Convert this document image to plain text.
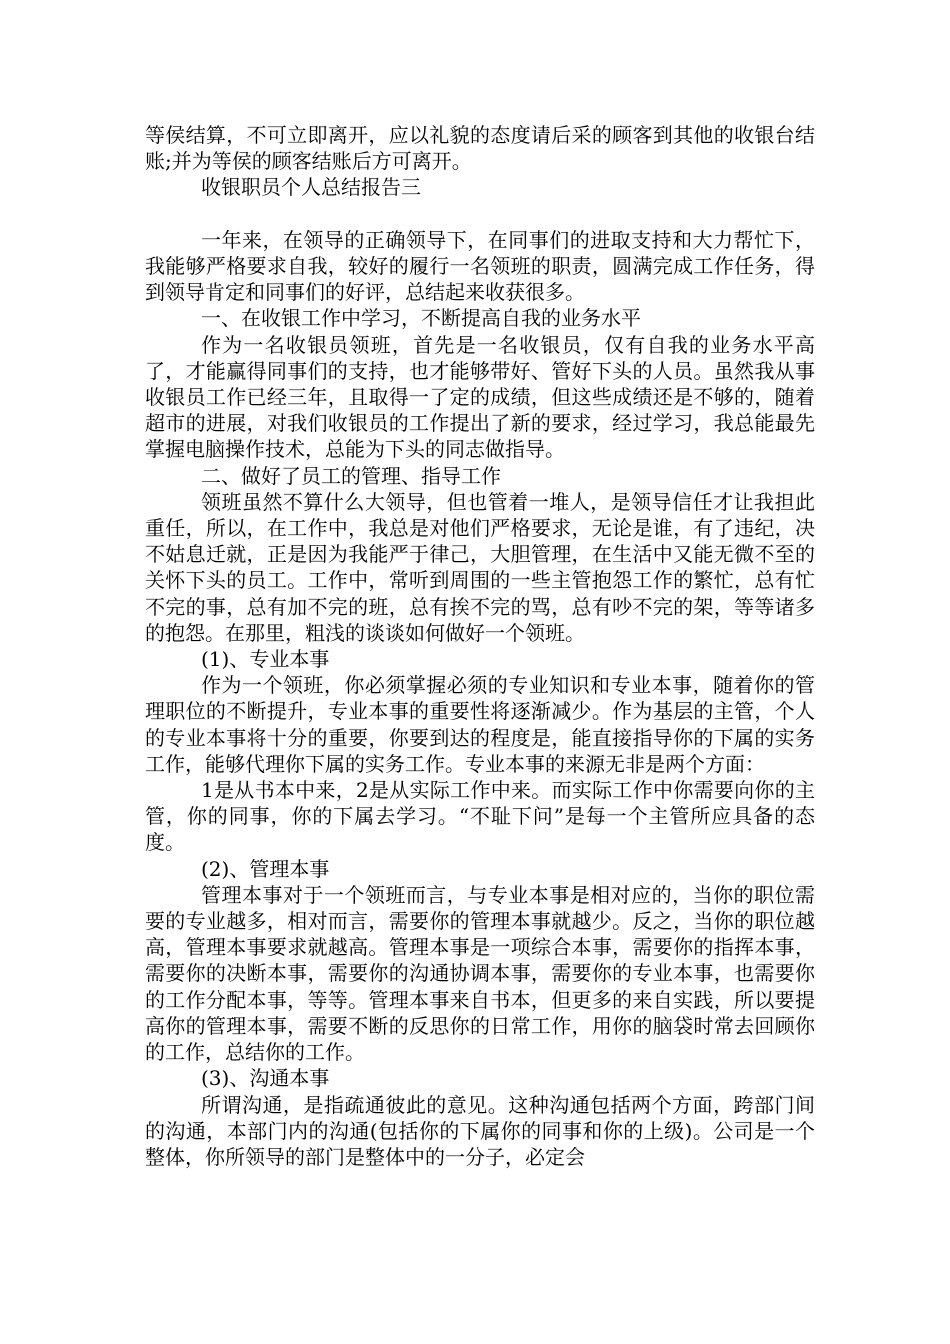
等侯结算，不可立即离开，应以礼貌的态度请后采的顾客到其他的收银台结账;并为等侯的顾客结账后方可离开。

收银职员个人总结报告三

一年来，在领导的正确领导下，在同事们的进取支持和大力帮忙下，我能够严格要求自我，较好的履行一名领班的职责，圆满完成工作任务，得到领导肯定和同事们的好评，总结起来收获很多。

一、在收银工作中学习，不断提高自我的业务水平

作为一名收银员领班，首先是一名收银员，仅有自我的业务水平高了，才能赢得同事们的支持，也才能够带好、管好下头的人员。虽然我从事收银员工作已经三年，且取得一了定的成绩，但这些成绩还是不够的，随着超市的进展，对我们收银员的工作提出了新的要求，经过学习，我总能最先掌握电脑操作技术，总能为下头的同志做指导。

二、做好了员工的管理、指导工作

领班虽然不算什么大领导，但也管着一堆人，是领导信任才让我担此重任，所以，在工作中，我总是对他们严格要求，无论是谁，有了违纪，决不姑息迁就，正是因为我能严于律己，大胆管理，在生活中又能无微不至的关怀下头的员工。工作中，常听到周围的一些主管抱怨工作的繁忙，总有忙不完的事，总有加不完的班，总有挨不完的骂，总有吵不完的架，等等诸多的抱怨。在那里，粗浅的谈谈如何做好一个领班。

(1)、专业本事

作为一个领班，你必须掌握必须的专业知识和专业本事，随着你的管理职位的不断提升，专业本事的重要性将逐渐减少。作为基层的主管，个人的专业本事将十分的重要，你要到达的程度是，能直接指导你的下属的实务工作，能够代理你下属的实务工作。专业本事的来源无非是两个方面：

1是从书本中来，2是从实际工作中来。而实际工作中你需要向你的主管，你的同事，你的下属去学习。“不耻下问”是每一个主管所应具备的态度。

(2)、管理本事

管理本事对于一个领班而言，与专业本事是相对应的，当你的职位需要的专业越多，相对而言，需要你的管理本事就越少。反之，当你的职位越高，管理本事要求就越高。管理本事是一项综合本事，需要你的指挥本事，需要你的决断本事，需要你的沟通协调本事，需要你的专业本事，也需要你的工作分配本事，等等。管理本事来自书本，但更多的来自实践，所以要提高你的管理本事，需要不断的反思你的日常工作，用你的脑袋时常去回顾你的工作，总结你的工作。

(3)、沟通本事

所谓沟通，是指疏通彼此的意见。这种沟通包括两个方面，跨部门间的沟通，本部门内的沟通(包括你的下属你的同事和你的上级)。公司是一个整体，你所领导的部门是整体中的一分子，必定会
